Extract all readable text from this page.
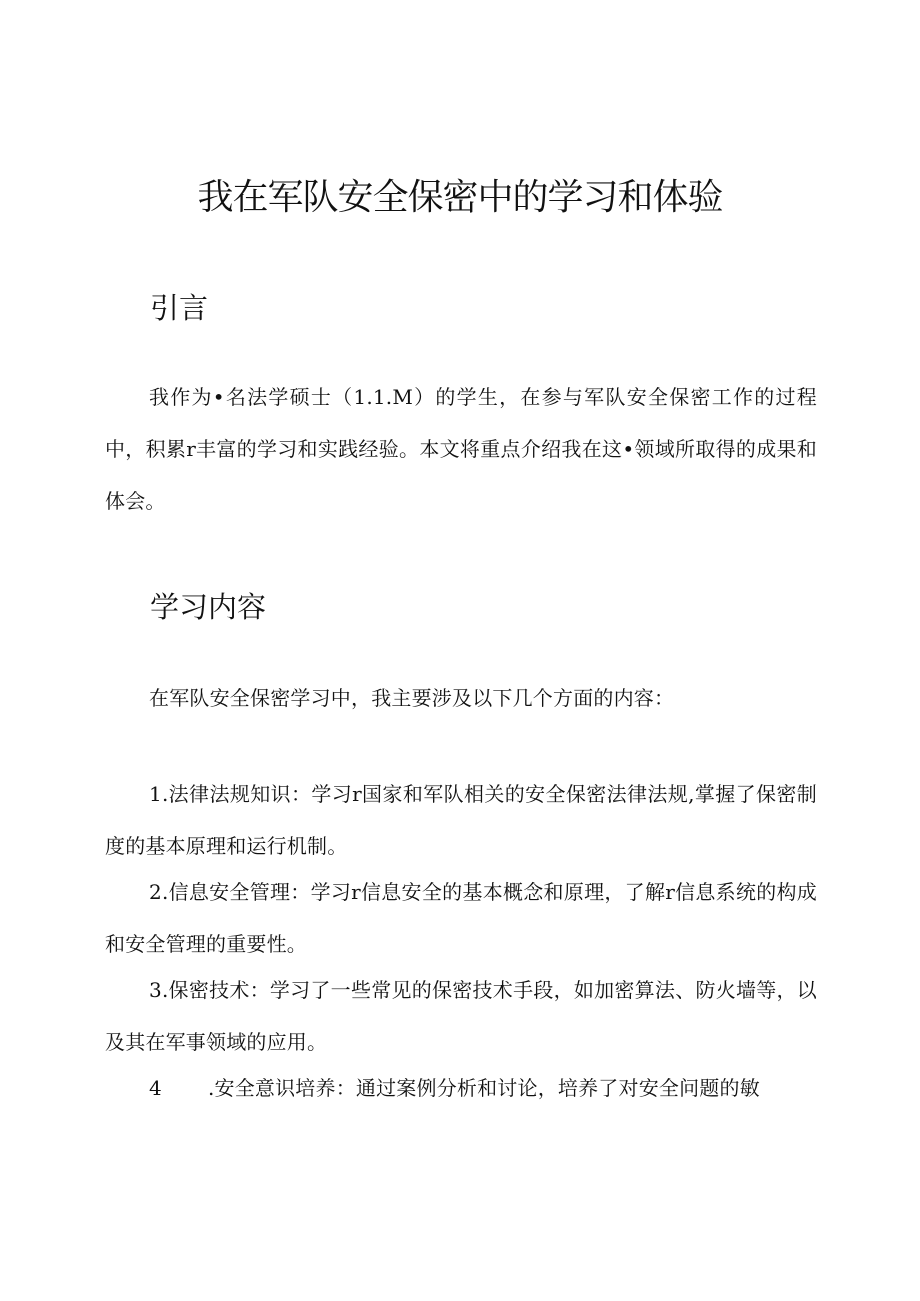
我在军队安全保密中的学习和体验
引言

我作为•名法学硕士（1.1.M）的学生，在参与军队安全保密工作的过程中，积累r丰富的学习和实践经验。本文将重点介绍我在这•领域所取得的成果和体会。

学习内容

在军队安全保密学习中，我主要涉及以下几个方面的内容：

1.法律法规知识：学习r国家和军队相关的安全保密法律法规,掌握了保密制度的基本原理和运行机制。

2.信息安全管理：学习r信息安全的基本概念和原理，了解r信息系统的构成和安全管理的重要性。

3.保密技术：学习了一些常见的保密技术手段，如加密算法、防火墙等，以及其在军事领域的应用。

4 .安全意识培养：通过案例分析和讨论，培养了对安全问题的敏
